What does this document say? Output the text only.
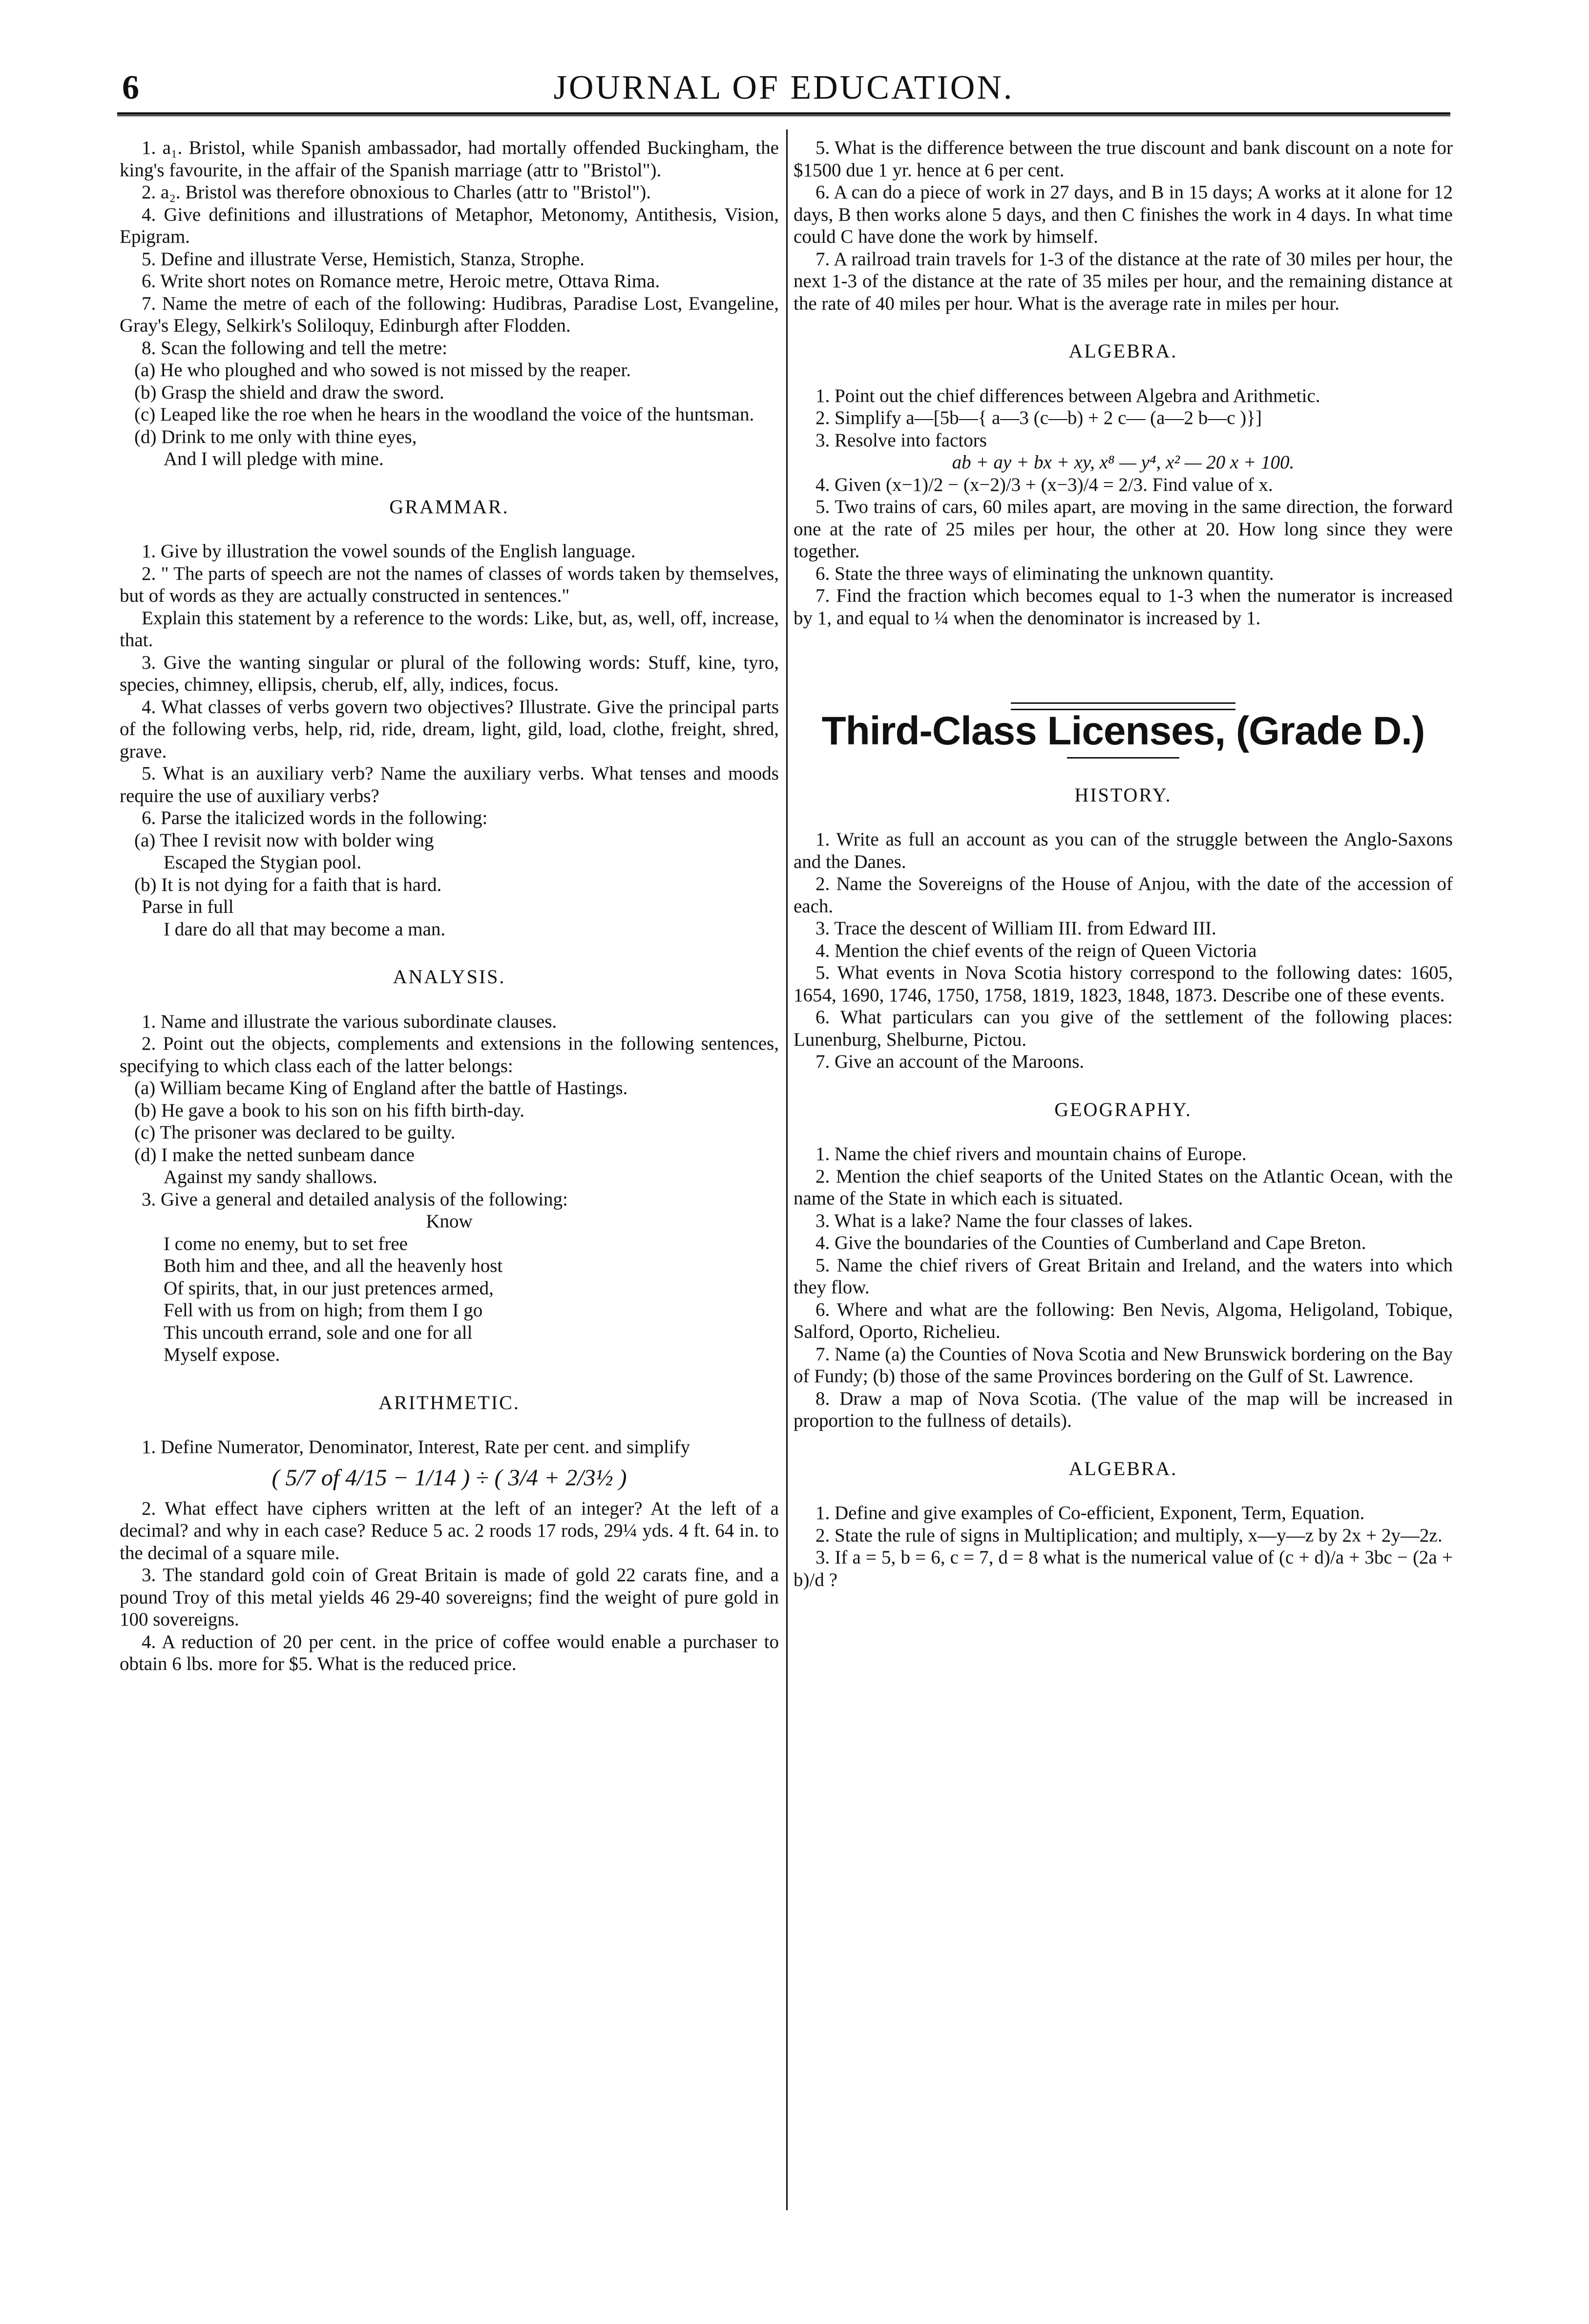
6	JOURNAL OF EDUCATION.

1. a₁. Bristol, while Spanish ambassador, had mortally offended Buckingham, the king's favourite, in the affair of the Spanish marriage (attr to "Bristol").

2. a₂. Bristol was therefore obnoxious to Charles (attr to "Bristol").

4. Give definitions and illustrations of Metaphor, Metonomy, Antithesis, Vision, Epigram.

5. Define and illustrate Verse, Hemistich, Stanza, Strophe.

6. Write short notes on Romance metre, Heroic metre, Ottava Rima.

7. Name the metre of each of the following: Hudibras, Paradise Lost, Evangeline, Gray's Elegy, Selkirk's Soliloquy, Edinburgh after Flodden.

8. Scan the following and tell the metre:

(a) He who ploughed and who sowed is not missed by the reaper.

(b) Grasp the shield and draw the sword.

(c) Leaped like the roe when he hears in the woodland the voice of the huntsman.

(d) Drink to me only with thine eyes,

And I will pledge with mine.

GRAMMAR.

1. Give by illustration the vowel sounds of the English language.

2. " The parts of speech are not the names of classes of words taken by themselves, but of words as they are actually constructed in sentences."

Explain this statement by a reference to the words: Like, but, as, well, off, increase, that.

3. Give the wanting singular or plural of the following words: Stuff, kine, tyro, species, chimney, ellipsis, cherub, elf, ally, indices, focus.

4. What classes of verbs govern two objectives? Illustrate. Give the principal parts of the following verbs, help, rid, ride, dream, light, gild, load, clothe, freight, shred, grave.

5. What is an auxiliary verb? Name the auxiliary verbs. What tenses and moods require the use of auxiliary verbs?

6. Parse the italicized words in the following:

(a) Thee I revisit now with bolder wing

Escaped the Stygian pool.

(b) It is not dying for a faith that is hard.

Parse in full

I dare do all that may become a man.

ANALYSIS.

1. Name and illustrate the various subordinate clauses.

2. Point out the objects, complements and extensions in the following sentences, specifying to which class each of the latter belongs:

(a) William became King of England after the battle of Hastings.

(b) He gave a book to his son on his fifth birth-day.

(c) The prisoner was declared to be guilty.

(d) I make the netted sunbeam dance

Against my sandy shallows.

3. Give a general and detailed analysis of the following:

Know

I come no enemy, but to set free

Both him and thee, and all the heavenly host

Of spirits, that, in our just pretences armed,

Fell with us from on high; from them I go

This uncouth errand, sole and one for all

Myself expose.

ARITHMETIC.

1. Define Numerator, Denominator, Interest, Rate per cent. and simplify

( 5/7 of 4/15 − 1/14 ) ÷ ( 3/4 + 2/3½ )

2. What effect have ciphers written at the left of an integer? At the left of a decimal? and why in each case? Reduce 5 ac. 2 roods 17 rods, 29¼ yds. 4 ft. 64 in. to the decimal of a square mile.

3. The standard gold coin of Great Britain is made of gold 22 carats fine, and a pound Troy of this metal yields 46 29-40 sovereigns; find the weight of pure gold in 100 sovereigns.

4. A reduction of 20 per cent. in the price of coffee would enable a purchaser to obtain 6 lbs. more for $5. What is the reduced price.

5. What is the difference between the true discount and bank discount on a note for $1500 due 1 yr. hence at 6 per cent.

6. A can do a piece of work in 27 days, and B in 15 days; A works at it alone for 12 days, B then works alone 5 days, and then C finishes the work in 4 days. In what time could C have done the work by himself.

7. A railroad train travels for 1-3 of the distance at the rate of 30 miles per hour, the next 1-3 of the distance at the rate of 35 miles per hour, and the remaining distance at the rate of 40 miles per hour. What is the average rate in miles per hour.

ALGEBRA.

1. Point out the chief differences between Algebra and Arithmetic.

2. Simplify a—[5b—{ a—3 (c—b) + 2 c— (a—2 b—c )}]

3. Resolve into factors

ab + ay + bx + xy, x⁸ — y⁴, x² — 20 x + 100.

4. Given (x−1)/2 − (x−2)/3 + (x−3)/4 = 2/3. Find value of x.

5. Two trains of cars, 60 miles apart, are moving in the same direction, the forward one at the rate of 25 miles per hour, the other at 20. How long since they were together.

6. State the three ways of eliminating the unknown quantity.

7. Find the fraction which becomes equal to 1-3 when the numerator is increased by 1, and equal to ¼ when the denominator is increased by 1.

Third-Class Licenses, (Grade D.)
HISTORY.

1. Write as full an account as you can of the struggle between the Anglo-Saxons and the Danes.

2. Name the Sovereigns of the House of Anjou, with the date of the accession of each.

3. Trace the descent of William III. from Edward III.

4. Mention the chief events of the reign of Queen Victoria

5. What events in Nova Scotia history correspond to the following dates: 1605, 1654, 1690, 1746, 1750, 1758, 1819, 1823, 1848, 1873. Describe one of these events.

6. What particulars can you give of the settlement of the following places: Lunenburg, Shelburne, Pictou.

7. Give an account of the Maroons.

GEOGRAPHY.

1. Name the chief rivers and mountain chains of Europe.

2. Mention the chief seaports of the United States on the Atlantic Ocean, with the name of the State in which each is situated.

3. What is a lake? Name the four classes of lakes.

4. Give the boundaries of the Counties of Cumberland and Cape Breton.

5. Name the chief rivers of Great Britain and Ireland, and the waters into which they flow.

6. Where and what are the following: Ben Nevis, Algoma, Heligoland, Tobique, Salford, Oporto, Richelieu.

7. Name (a) the Counties of Nova Scotia and New Brunswick bordering on the Bay of Fundy; (b) those of the same Provinces bordering on the Gulf of St. Lawrence.

8. Draw a map of Nova Scotia. (The value of the map will be increased in proportion to the fullness of details).

ALGEBRA.

1. Define and give examples of Co-efficient, Exponent, Term, Equation.

2. State the rule of signs in Multiplication; and multiply, x—y—z by 2x + 2y—2z.

3. If a = 5, b = 6, c = 7, d = 8 what is the numerical value of (c + d)/a + 3bc − (2a + b)/d ?
